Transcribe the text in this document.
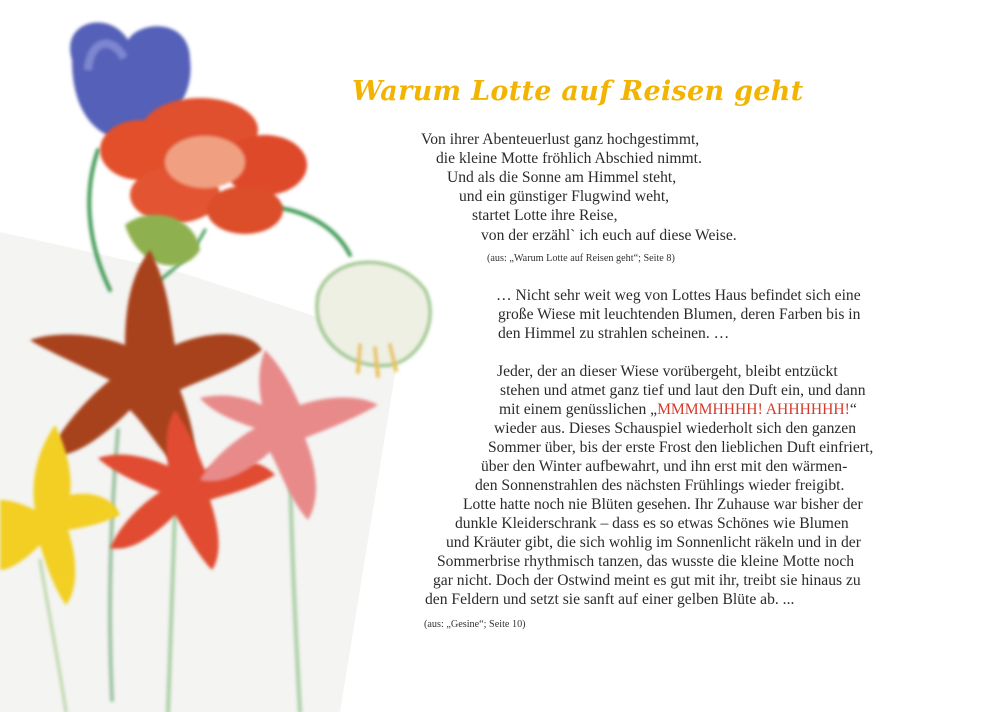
Warum Lotte auf Reisen geht
Von ihrer Abenteuerlust ganz hochgestimmt,
die kleine Motte fröhlich Abschied nimmt.
Und als die Sonne am Himmel steht,
und ein günstiger Flugwind weht,
startet Lotte ihre Reise,
von der erzähl` ich euch auf diese Weise.
(aus: „Warum Lotte auf Reisen geht“; Seite 8)
… Nicht sehr weit weg von Lottes Haus befindet sich eine
große Wiese mit leuchtenden Blumen, deren Farben bis in
den Himmel zu strahlen scheinen. …
Jeder, der an dieser Wiese vorübergeht, bleibt entzückt
stehen und atmet ganz tief und laut den Duft ein, und dann
mit einem genüsslichen „MMMMHHHH! AHHHHHH!“
wieder aus. Dieses Schauspiel wiederholt sich den ganzen
Sommer über, bis der erste Frost den lieblichen Duft einfriert,
über den Winter aufbewahrt, und ihn erst mit den wärmen-
den Sonnenstrahlen des nächsten Frühlings wieder freigibt.
Lotte hatte noch nie Blüten gesehen. Ihr Zuhause war bisher der
dunkle Kleiderschrank – dass es so etwas Schönes wie Blumen
und Kräuter gibt, die sich wohlig im Sonnenlicht räkeln und in der
Sommerbrise rhythmisch tanzen, das wusste die kleine Motte noch
gar nicht. Doch der Ostwind meint es gut mit ihr, treibt sie hinaus zu
den Feldern und setzt sie sanft auf einer gelben Blüte ab. ...
(aus: „Gesine“; Seite 10)
